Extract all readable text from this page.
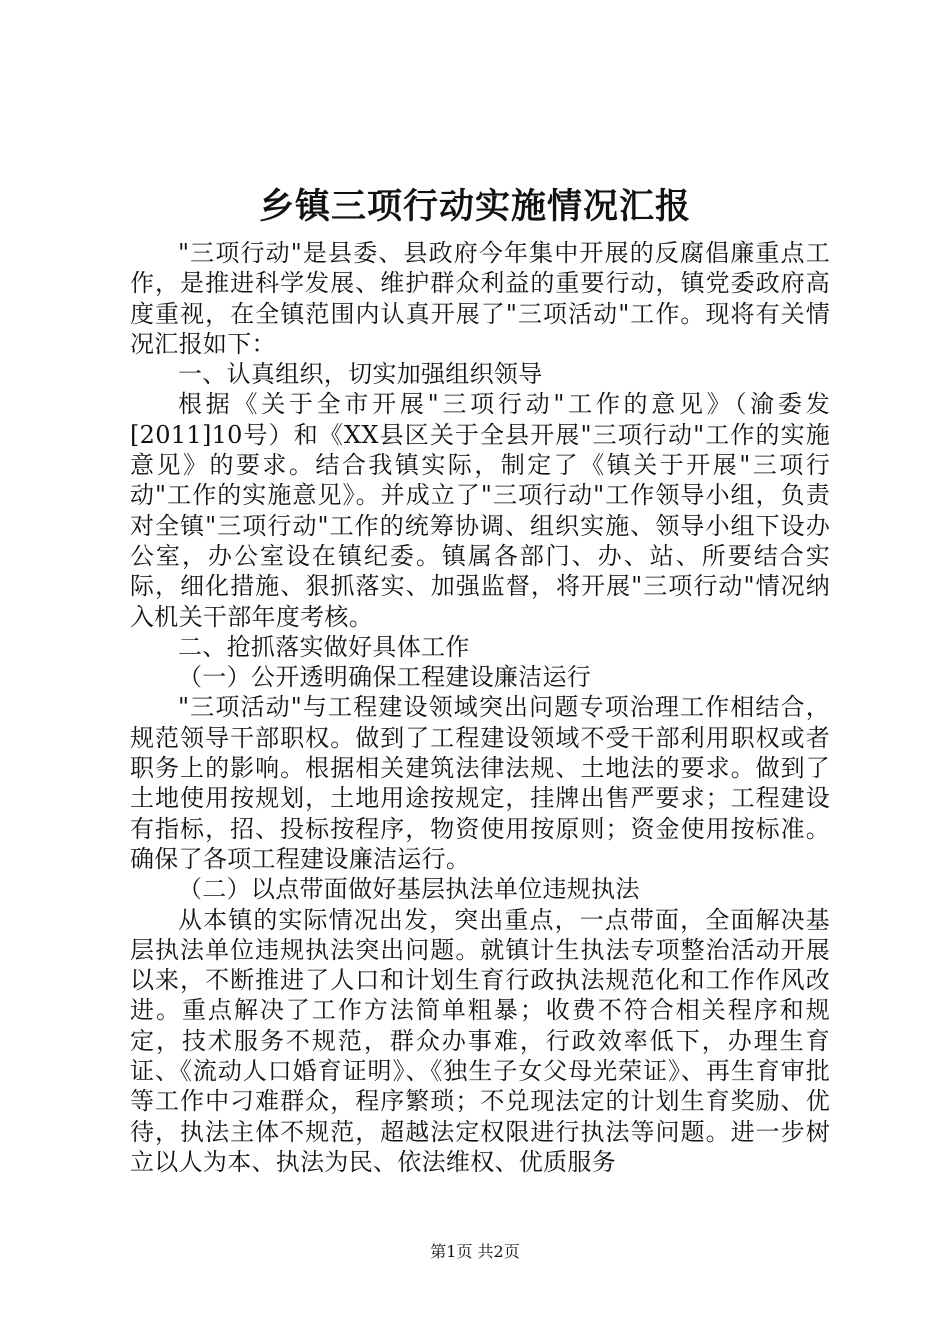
乡镇三项行动实施情况汇报

"三项行动"是县委、县政府今年集中开展的反腐倡廉重点工作，是推进科学发展、维护群众利益的重要行动，镇党委政府高度重视，在全镇范围内认真开展了"三项活动"工作。现将有关情况汇报如下：

一、认真组织，切实加强组织领导

根据《关于全市开展"三项行动"工作的意见》（渝委发[2011]10号）和《XX县区关于全县开展"三项行动"工作的实施意见》的要求。结合我镇实际，制定了《镇关于开展"三项行动"工作的实施意见》。并成立了"三项行动"工作领导小组，负责对全镇"三项行动"工作的统筹协调、组织实施、领导小组下设办公室，办公室设在镇纪委。镇属各部门、办、站、所要结合实际，细化措施、狠抓落实、加强监督，将开展"三项行动"情况纳入机关干部年度考核。

二、抢抓落实做好具体工作

（一）公开透明确保工程建设廉洁运行

"三项活动"与工程建设领域突出问题专项治理工作相结合，规范领导干部职权。做到了工程建设领域不受干部利用职权或者职务上的影响。根据相关建筑法律法规、土地法的要求。做到了土地使用按规划，土地用途按规定，挂牌出售严要求；工程建设有指标，招、投标按程序，物资使用按原则；资金使用按标准。确保了各项工程建设廉洁运行。

（二）以点带面做好基层执法单位违规执法

从本镇的实际情况出发，突出重点，一点带面，全面解决基层执法单位违规执法突出问题。就镇计生执法专项整治活动开展以来，不断推进了人口和计划生育行政执法规范化和工作作风改进。重点解决了工作方法简单粗暴；收费不符合相关程序和规定，技术服务不规范，群众办事难，行政效率低下，办理生育证、《流动人口婚育证明》、《独生子女父母光荣证》、再生育审批等工作中刁难群众，程序繁琐；不兑现法定的计划生育奖励、优待，执法主体不规范，超越法定权限进行执法等问题。进一步树立以人为本、执法为民、依法维权、优质服务

第1页 共2页
